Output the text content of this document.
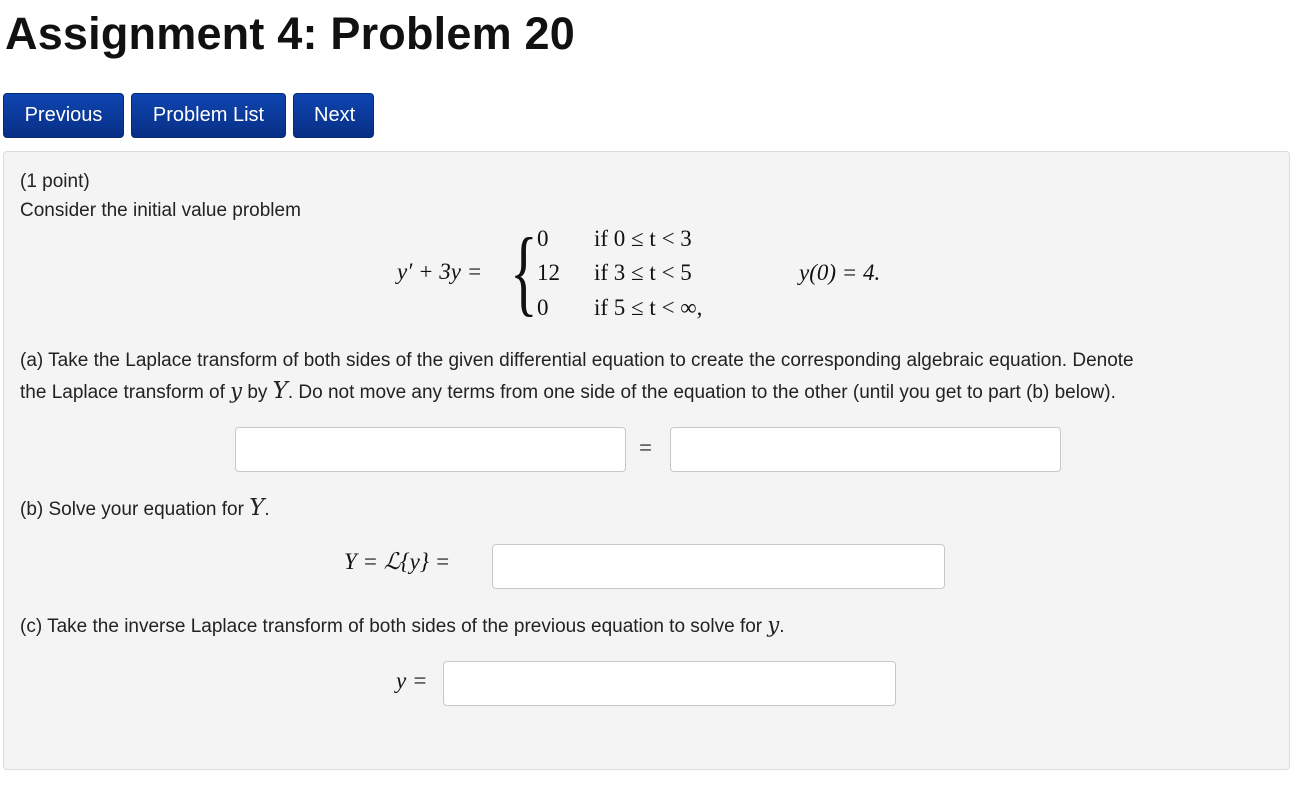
Assignment 4: Problem 20
Previous	Problem List	Next
(1 point)
Consider the initial value problem
y′ + 3y = { 0 if 0 ≤ t < 3
12 if 3 ≤ t < 5
0 if 5 ≤ t < ∞,
y(0) = 4.
(a) Take the Laplace transform of both sides of the given differential equation to create the corresponding algebraic equation. Denote
the Laplace transform of y by Y. Do not move any terms from one side of the equation to the other (until you get to part (b) below).
=
(b) Solve your equation for Y.
Y = ℒ{y} =
(c) Take the inverse Laplace transform of both sides of the previous equation to solve for y.
y =
